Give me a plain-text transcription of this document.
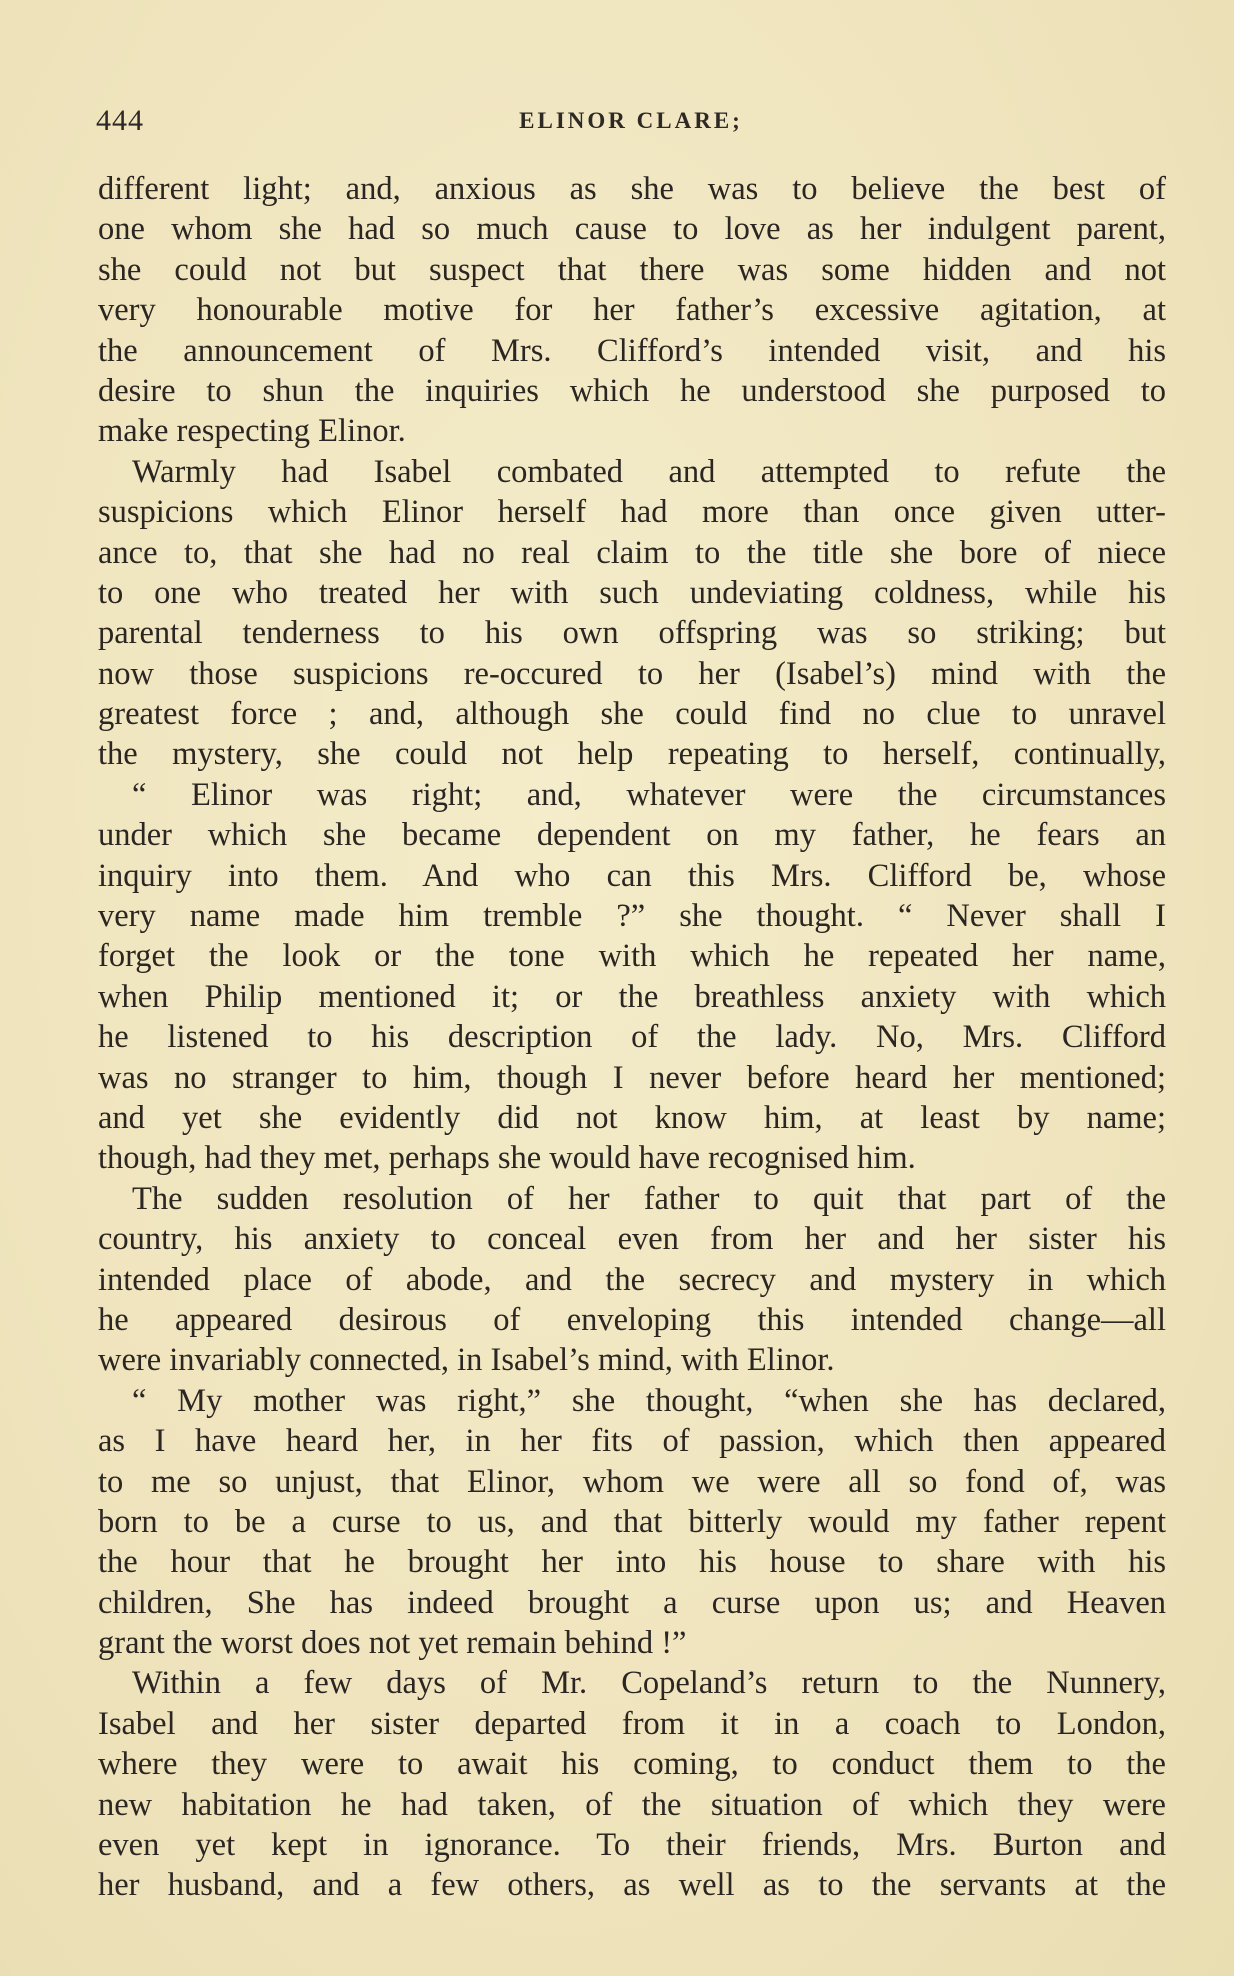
444	ELINOR CLARE;
different light; and, anxious as she was to believe the best of
one whom she had so much cause to love as her indulgent parent,
she could not but suspect that there was some hidden and not
very honourable motive for her father’s excessive agitation, at
the announcement of Mrs. Clifford’s intended visit, and his
desire to shun the inquiries which he understood she purposed to
make respecting Elinor.
Warmly had Isabel combated and attempted to refute the
suspicions which Elinor herself had more than once given utter-
ance to, that she had no real claim to the title she bore of niece
to one who treated her with such undeviating coldness, while his
parental tenderness to his own offspring was so striking; but
now those suspicions re-occured to her (Isabel’s) mind with the
greatest force ; and, although she could find no clue to unravel
the mystery, she could not help repeating to herself, continually,
“ Elinor was right; and, whatever were the circumstances
under which she became dependent on my father, he fears an
inquiry into them. And who can this Mrs. Clifford be, whose
very name made him tremble ?” she thought. “ Never shall I
forget the look or the tone with which he repeated her name,
when Philip mentioned it; or the breathless anxiety with which
he listened to his description of the lady. No, Mrs. Clifford
was no stranger to him, though I never before heard her mentioned;
and yet she evidently did not know him, at least by name;
though, had they met, perhaps she would have recognised him.
The sudden resolution of her father to quit that part of the
country, his anxiety to conceal even from her and her sister his
intended place of abode, and the secrecy and mystery in which
he appeared desirous of enveloping this intended change—all
were invariably connected, in Isabel’s mind, with Elinor.
“ My mother was right,” she thought, “when she has declared,
as I have heard her, in her fits of passion, which then appeared
to me so unjust, that Elinor, whom we were all so fond of, was
born to be a curse to us, and that bitterly would my father repent
the hour that he brought her into his house to share with his
children, She has indeed brought a curse upon us; and Heaven
grant the worst does not yet remain behind !”
Within a few days of Mr. Copeland’s return to the Nunnery,
Isabel and her sister departed from it in a coach to London,
where they were to await his coming, to conduct them to the
new habitation he had taken, of the situation of which they were
even yet kept in ignorance. To their friends, Mrs. Burton and
her husband, and a few others, as well as to the servants at the
